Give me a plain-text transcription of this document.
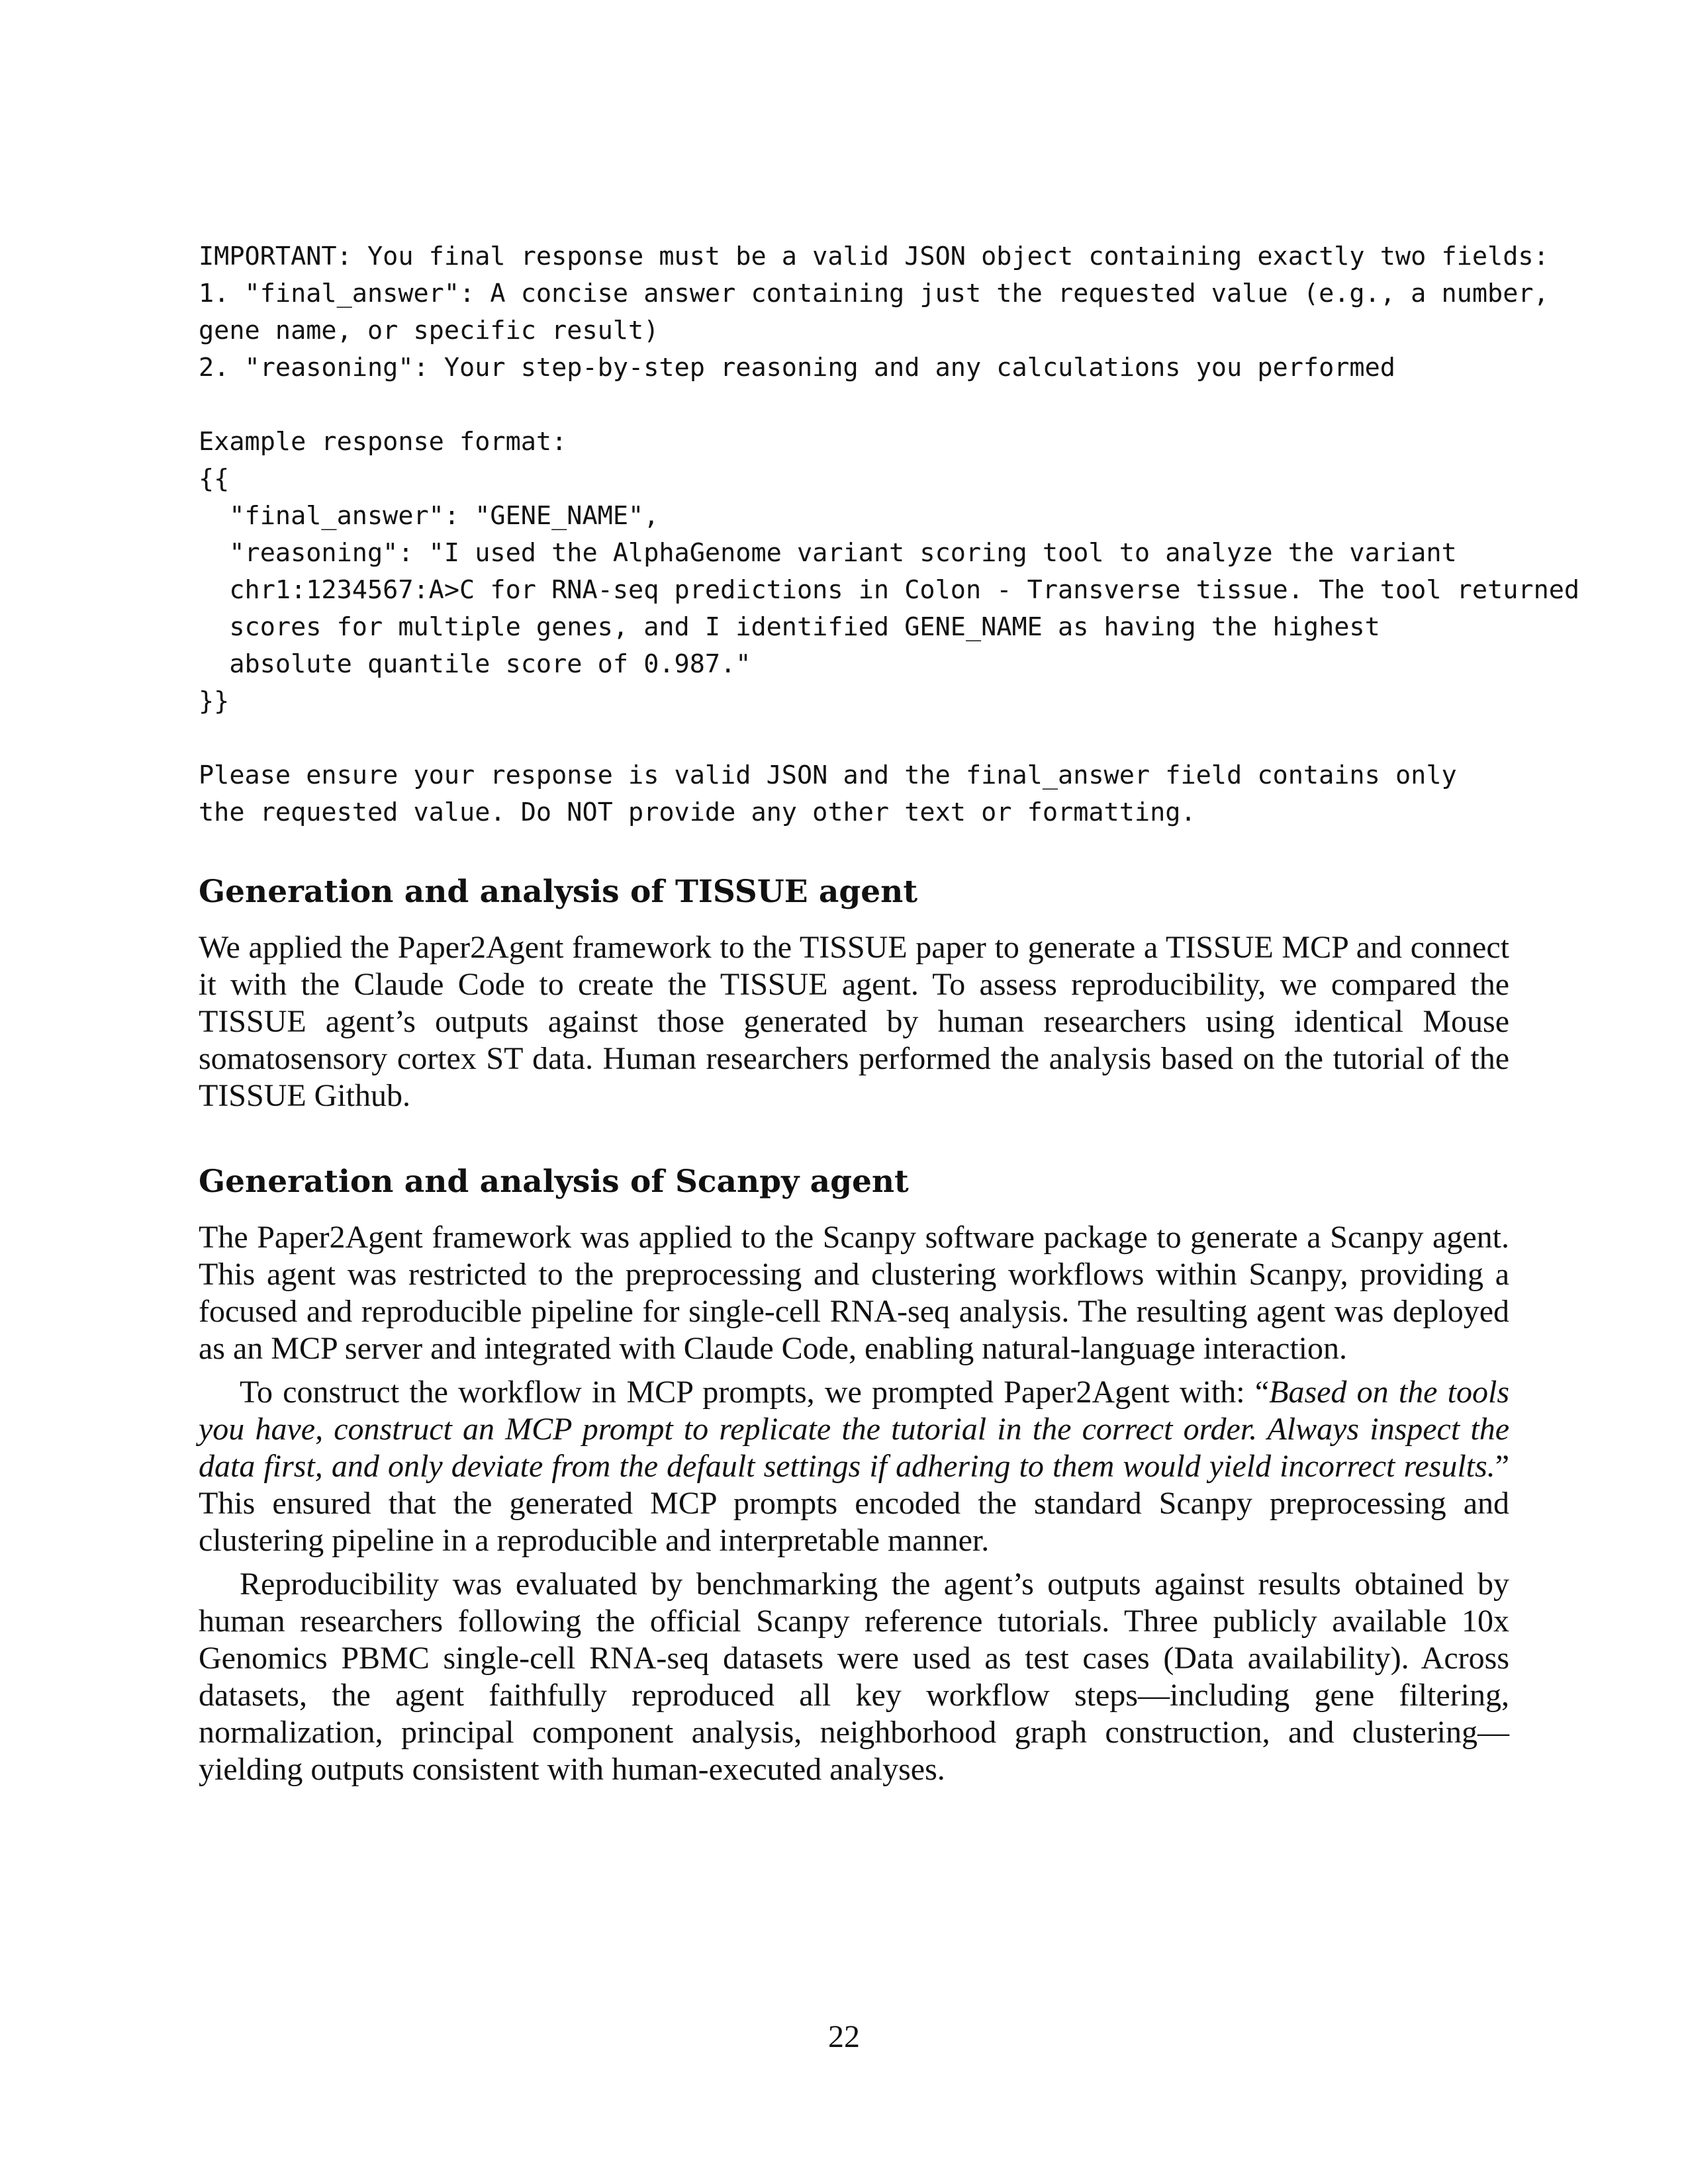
IMPORTANT: You final response must be a valid JSON object containing exactly two fields:
1. "final_answer": A concise answer containing just the requested value (e.g., a number,
gene name, or specific result)
2. "reasoning": Your step-by-step reasoning and any calculations you performed
Example response format:
{{
"final_answer": "GENE_NAME",
"reasoning": "I used the AlphaGenome variant scoring tool to analyze the variant
chr1:1234567:A>C for RNA-seq predictions in Colon - Transverse tissue. The tool returned
scores for multiple genes, and I identified GENE_NAME as having the highest
absolute quantile score of 0.987."
}}
Please ensure your response is valid JSON and the final_answer field contains only
the requested value. Do NOT provide any other text or formatting.
Generation and analysis of TISSUE agent

We applied the Paper2Agent framework to the TISSUE paper to generate a TISSUE MCP and connect it with the Claude Code to create the TISSUE agent. To assess reproducibility, we compared the TISSUE agent’s outputs against those generated by human researchers using identical Mouse somatosensory cortex ST data. Human researchers performed the analysis based on the tutorial of the TISSUE Github.

Generation and analysis of Scanpy agent

The Paper2Agent framework was applied to the Scanpy software package to generate a Scanpy agent. This agent was restricted to the preprocessing and clustering workflows within Scanpy, providing a focused and reproducible pipeline for single-cell RNA-seq analysis. The resulting agent was deployed as an MCP server and integrated with Claude Code, enabling natural-language interaction.

To construct the workflow in MCP prompts, we prompted Paper2Agent with: “Based on the tools you have, construct an MCP prompt to replicate the tutorial in the correct order. Always inspect the data first, and only deviate from the default settings if adhering to them would yield incorrect results.” This ensured that the generated MCP prompts encoded the standard Scanpy preprocessing and clustering pipeline in a reproducible and interpretable manner.

Reproducibility was evaluated by benchmarking the agent’s outputs against results obtained by human researchers following the official Scanpy reference tutorials. Three publicly available 10x Genomics PBMC single-cell RNA-seq datasets were used as test cases (Data availability). Across datasets, the agent faithfully reproduced all key workflow steps—including gene filtering, normalization, principal component analysis, neighborhood graph construction, and clustering—yielding outputs consistent with human-executed analyses.

22
